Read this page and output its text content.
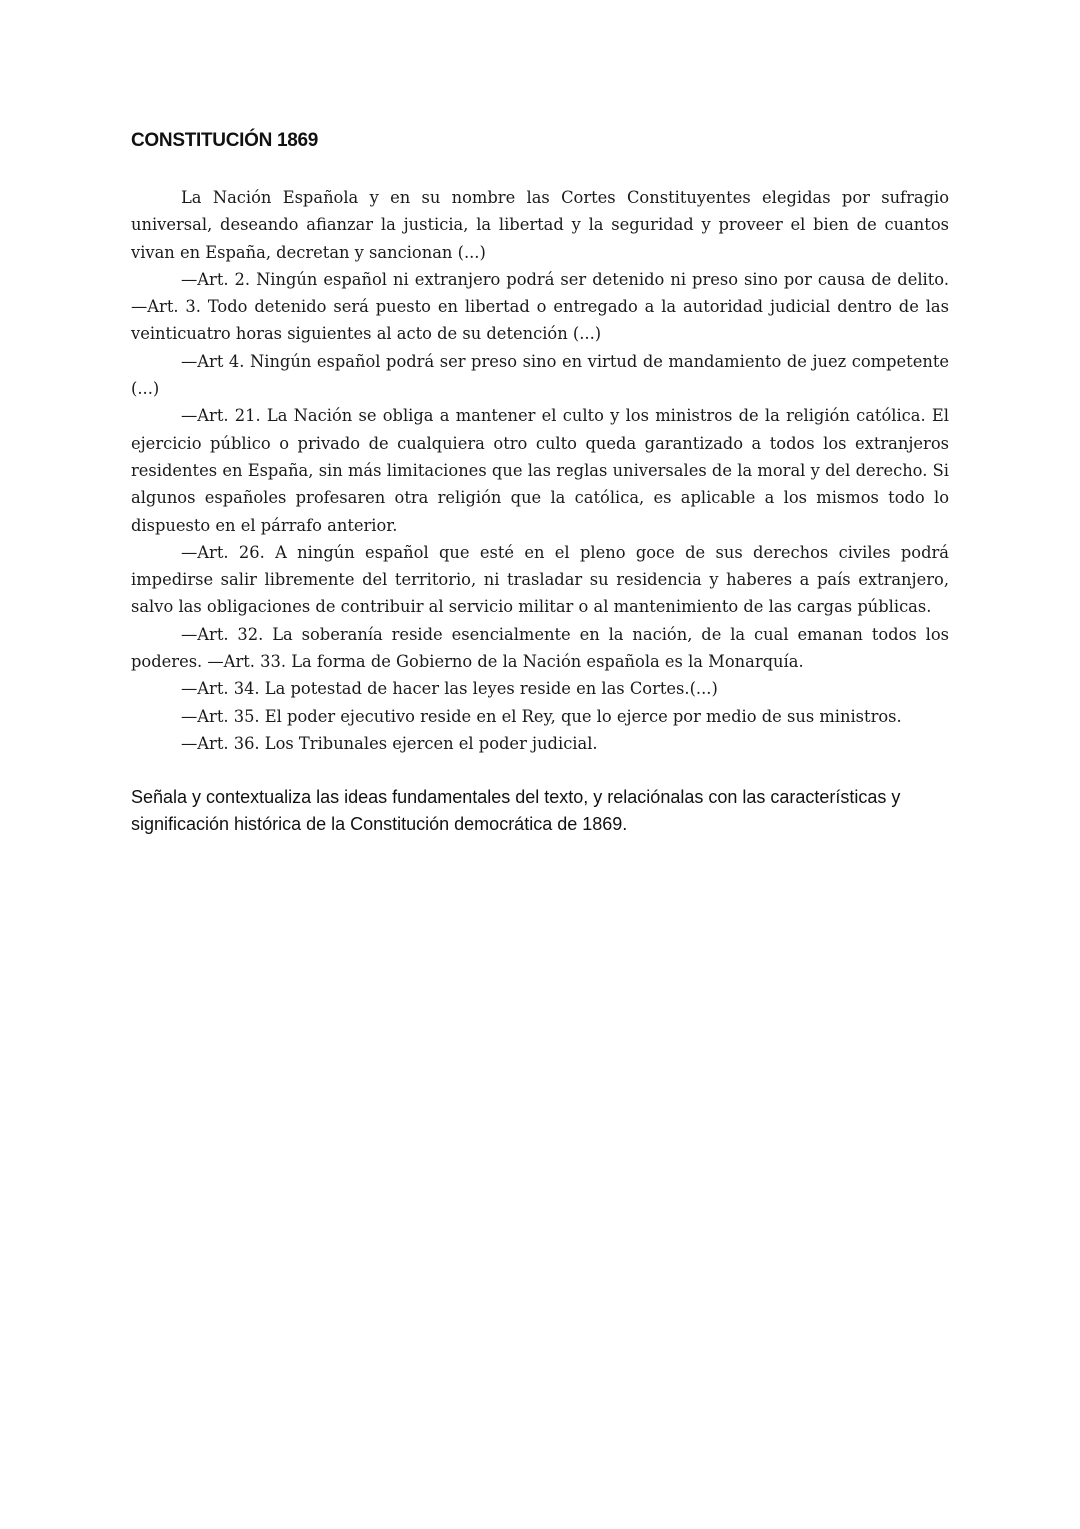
CONSTITUCIÓN 1869

La Nación Española y en su nombre las Cortes Constituyentes elegidas por sufragio universal, deseando afianzar la justicia, la libertad y la seguridad y proveer el bien de cuantos vivan en España, decretan y sancionan (...)

—Art. 2. Ningún español ni extranjero podrá ser detenido ni preso sino por causa de delito. —Art. 3. Todo detenido será puesto en libertad o entregado a la autoridad judicial dentro de las veinticuatro horas siguientes al acto de su detención (...)

—Art 4. Ningún español podrá ser preso sino en virtud de mandamiento de juez competente (...)

—Art. 21. La Nación se obliga a mantener el culto y los ministros de la religión católica. El ejercicio público o privado de cualquiera otro culto queda garantizado a todos los extranjeros residentes en España, sin más limitaciones que las reglas universales de la moral y del derecho. Si algunos españoles profesaren otra religión que la católica, es aplicable a los mismos todo lo dispuesto en el párrafo anterior.

—Art. 26. A ningún español que esté en el pleno goce de sus derechos civiles podrá impedirse salir libremente del territorio, ni trasladar su residencia y haberes a país extranjero, salvo las obligaciones de contribuir al servicio militar o al mantenimiento de las cargas públicas.

—Art. 32. La soberanía reside esencialmente en la nación, de la cual emanan todos los poderes. —Art. 33. La forma de Gobierno de la Nación española es la Monarquía.

—Art. 34. La potestad de hacer las leyes reside en las Cortes.(...)

—Art. 35. El poder ejecutivo reside en el Rey, que lo ejerce por medio de sus ministros.

—Art. 36. Los Tribunales ejercen el poder judicial.

Señala y contextualiza las ideas fundamentales del texto, y relaciónalas con las características y significación histórica de la Constitución democrática de 1869.
